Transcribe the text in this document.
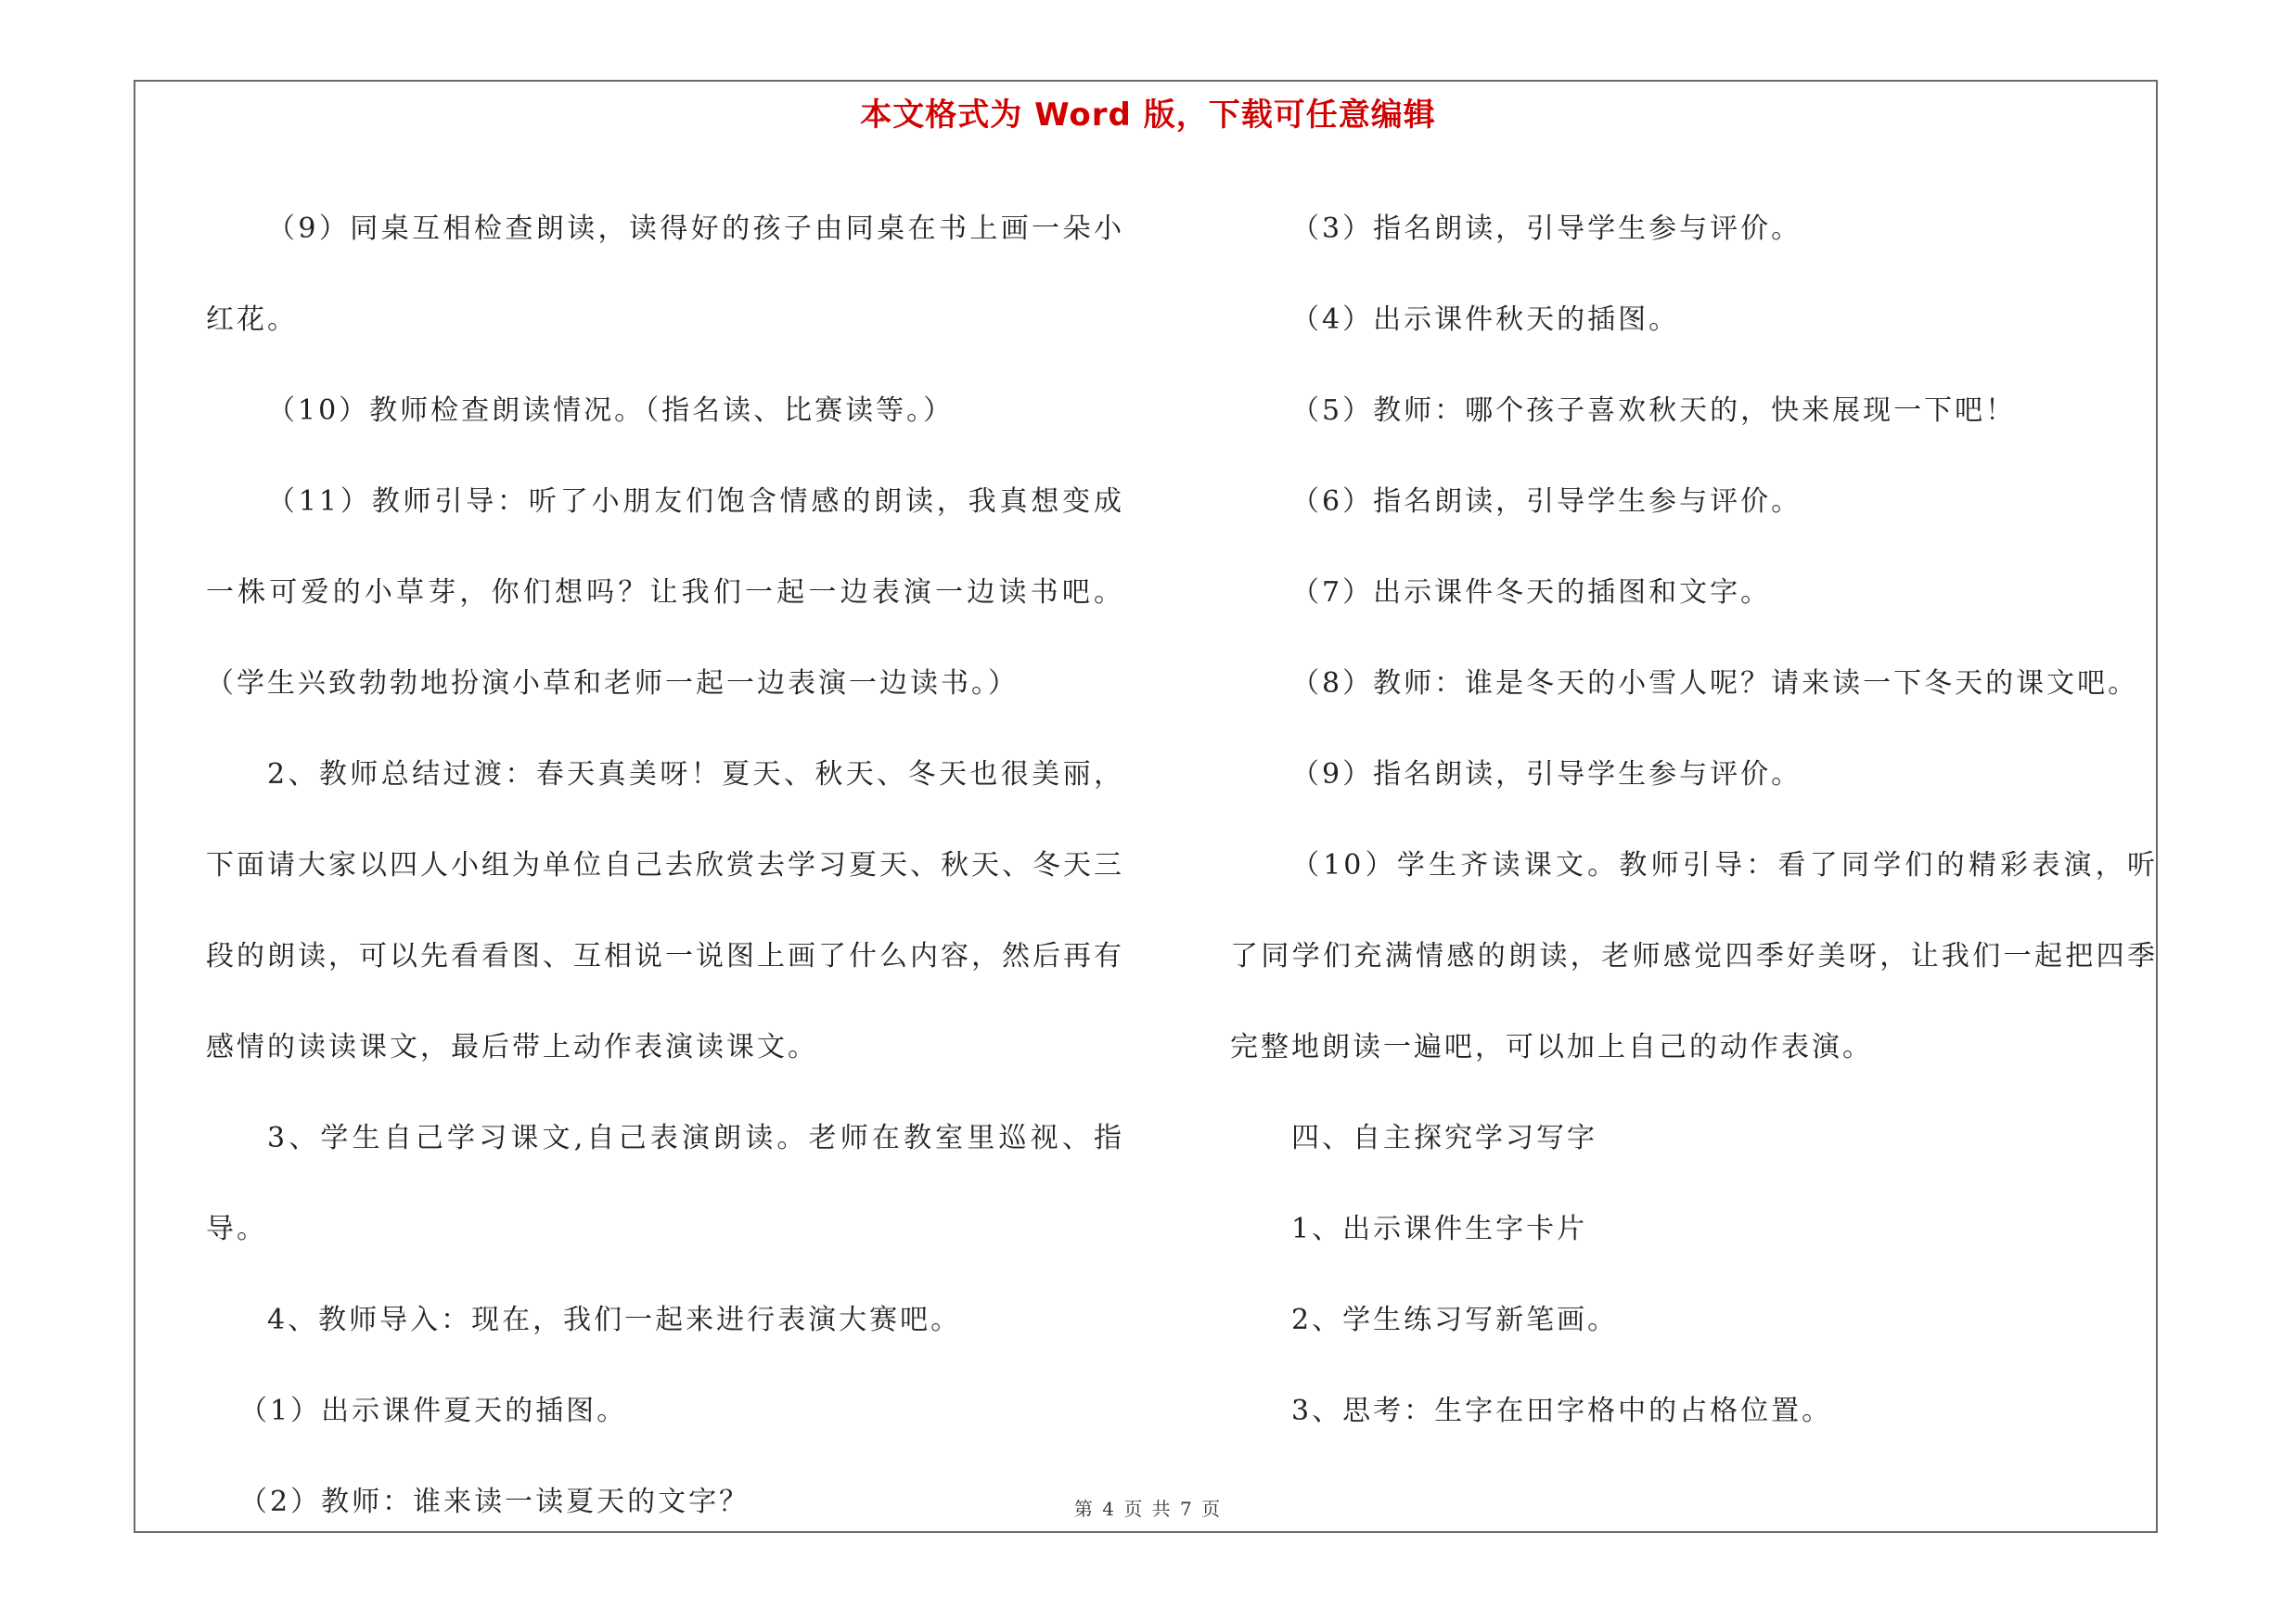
本文格式为 Word 版，下载可任意编辑

（9）同桌互相检查朗读，读得好的孩子由同桌在书上画一朵小红花。

（10）教师检查朗读情况。（指名读、比赛读等。）

（11）教师引导：听了小朋友们饱含情感的朗读，我真想变成一株可爱的小草芽，你们想吗？让我们一起一边表演一边读书吧。（学生兴致勃勃地扮演小草和老师一起一边表演一边读书。）

2、教师总结过渡：春天真美呀！夏天、秋天、冬天也很美丽，下面请大家以四人小组为单位自己去欣赏去学习夏天、秋天、冬天三段的朗读，可以先看看图、互相说一说图上画了什么内容，然后再有感情的读读课文，最后带上动作表演读课文。

3、学生自己学习课文,自己表演朗读。老师在教室里巡视、指导。

4、教师导入：现在，我们一起来进行表演大赛吧。

（1）出示课件夏天的插图。

（2）教师：谁来读一读夏天的文字？

（3）指名朗读，引导学生参与评价。

（4）出示课件秋天的插图。

（5）教师：哪个孩子喜欢秋天的，快来展现一下吧！

（6）指名朗读，引导学生参与评价。

（7）出示课件冬天的插图和文字。

（8）教师：谁是冬天的小雪人呢？请来读一下冬天的课文吧。

（9）指名朗读，引导学生参与评价。

（10）学生齐读课文。教师引导：看了同学们的精彩表演，听了同学们充满情感的朗读，老师感觉四季好美呀，让我们一起把四季完整地朗读一遍吧，可以加上自己的动作表演。

四、自主探究学习写字

1、出示课件生字卡片

2、学生练习写新笔画。

3、思考：生字在田字格中的占格位置。

第 4 页 共 7 页
